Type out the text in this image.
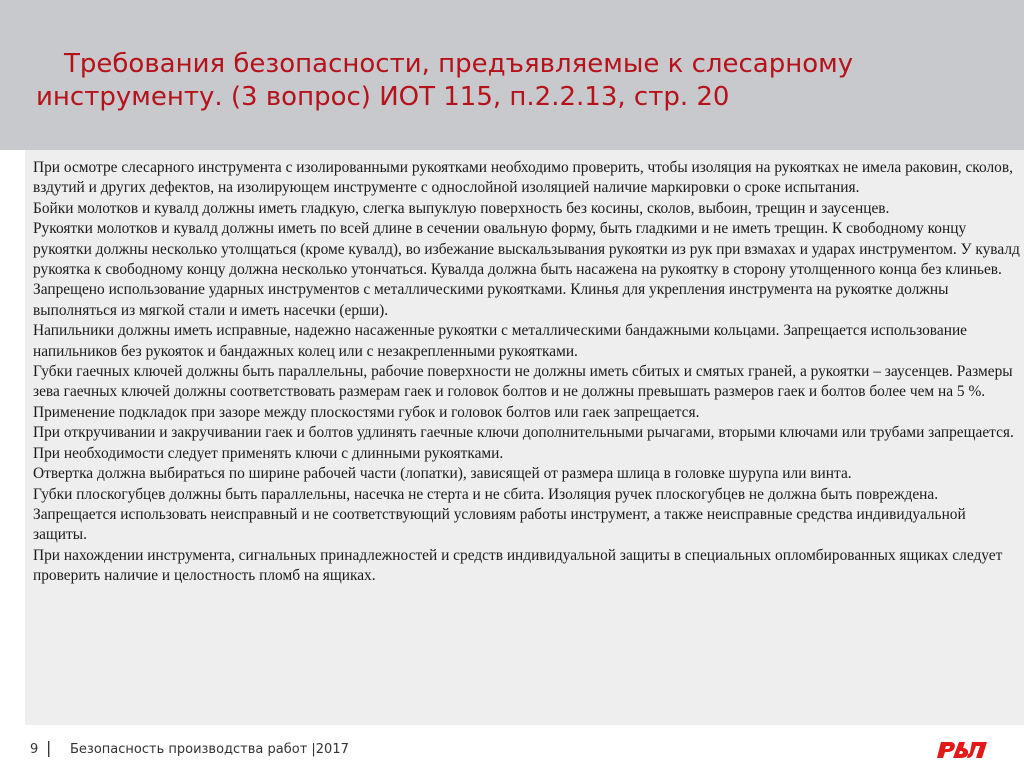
Требования безопасности, предъявляемые к слесарному инструменту. (3 вопрос) ИОТ 115, п.2.2.13, стр. 20

При осмотре слесарного инструмента с изолированными рукоятками необходимо проверить, чтобы изоляция на рукоятках не имела раковин, сколов, вздутий и других дефектов, на изолирующем инструменте с однослойной изоляцией наличие маркировки о сроке испытания.

Бойки молотков и кувалд должны иметь гладкую, слегка выпуклую поверхность без косины, сколов, выбоин, трещин и заусенцев.

Рукоятки молотков и кувалд должны иметь по всей длине в сечении овальную форму, быть гладкими и не иметь трещин. К свободному концу рукоятки должны несколько утолщаться (кроме кувалд), во избежание выскальзывания рукоятки из рук при взмахах и ударах инструментом. У кувалд рукоятка к свободному концу должна несколько утончаться. Кувалда должна быть насажена на рукоятку в сторону утолщенного конца без клиньев. Запрещено использование ударных инструментов с металлическими рукоятками. Клинья для укрепления инструмента на рукоятке должны выполняться из мягкой стали и иметь насечки (ерши).

Напильники должны иметь исправные, надежно насаженные рукоятки с металлическими бандажными кольцами. Запрещается использование напильников без рукояток и бандажных колец или с незакрепленными рукоятками.

Губки гаечных ключей должны быть параллельны, рабочие поверхности не должны иметь сбитых и смятых граней, а рукоятки – заусенцев. Размеры зева гаечных ключей должны соответствовать размерам гаек и головок болтов и не должны превышать размеров гаек и болтов более чем на 5 %. Применение подкладок при зазоре между плоскостями губок и головок болтов или гаек запрещается.

При откручивании и закручивании гаек и болтов удлинять гаечные ключи дополнительными рычагами, вторыми ключами или трубами запрещается. При необходимости следует применять ключи с длинными рукоятками.

Отвертка должна выбираться по ширине рабочей части (лопатки), зависящей от размера шлица в головке шурупа или винта.

Губки плоскогубцев должны быть параллельны, насечка не стерта и не сбита. Изоляция ручек плоскогубцев не должна быть повреждена.

Запрещается использовать неисправный и не соответствующий условиям работы инструмент, а также неисправные средства индивидуальной защиты.

При нахождении инструмента, сигнальных принадлежностей и средств индивидуальной защиты в специальных опломбированных ящиках следует проверить наличие и целостность пломб на ящиках.

9 | Безопасность производства работ |2017
